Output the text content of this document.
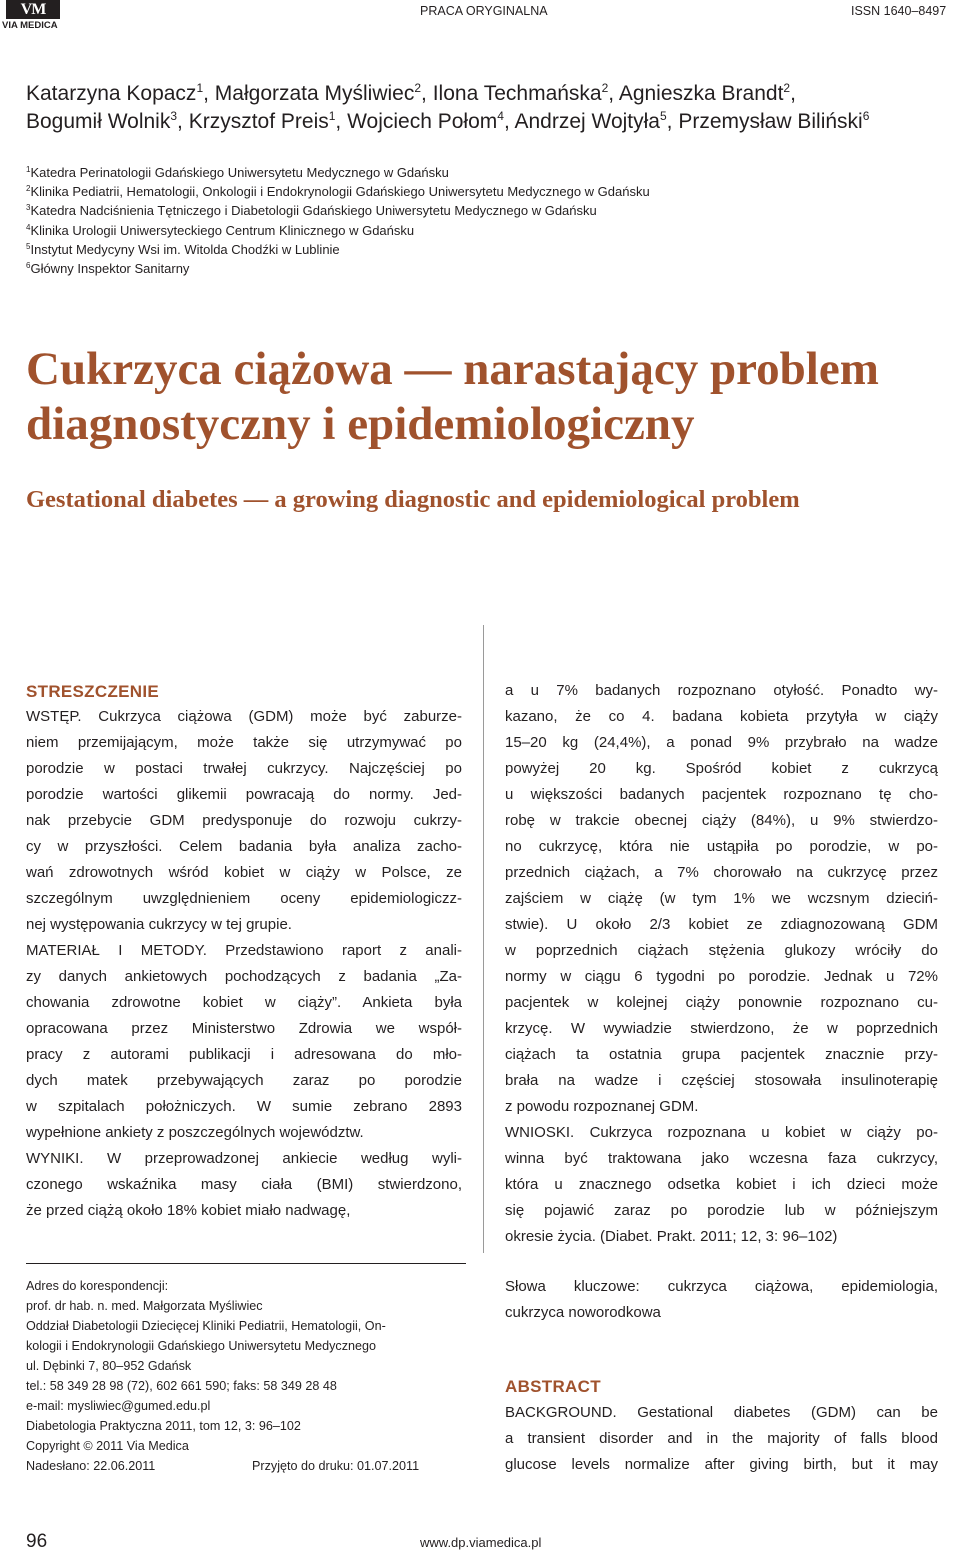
VM
VIA MEDICA
PRACA ORYGINALNA	ISSN 1640–8497
Katarzyna Kopacz$^1$, Małgorzata Myśliwiec$^2$, Ilona Techmańska$^2$, Agnieszka Brandt$^2$,
Bogumił Wolnik$^3$, Krzysztof Preis$^1$, Wojciech Połom$^4$, Andrzej Wojtyła$^5$, Przemysław Biliński$^6$
$^1$Katedra Perinatologii Gdańskiego Uniwersytetu Medycznego w Gdańsku
$^2$Klinika Pediatrii, Hematologii, Onkologii i Endokrynologii Gdańskiego Uniwersytetu Medycznego w Gdańsku
$^3$Katedra Nadciśnienia Tętniczego i Diabetologii Gdańskiego Uniwersytetu Medycznego w Gdańsku
$^4$Klinika Urologii Uniwersyteckiego Centrum Klinicznego w Gdańsku
$^5$Instytut Medycyny Wsi im. Witolda Chodźki w Lublinie
$^6$Główny Inspektor Sanitarny
Cukrzyca ciążowa — narastający problem
diagnostyczny i epidemiologiczny
Gestational diabetes — a growing diagnostic and epidemiological problem
STRESZCZENIE
WSTĘP. Cukrzyca ciążowa (GDM) może być zaburze-
niem przemijającym, może także się utrzymywać po
porodzie w postaci trwałej cukrzycy. Najczęściej po
porodzie wartości glikemii powracają do normy. Jed-
nak przebycie GDM predysponuje do rozwoju cukrzy-
cy w przyszłości. Celem badania była analiza zacho-
wań zdrowotnych wśród kobiet w ciąży w Polsce, ze
szczególnym uwzględnieniem oceny epidemiologiczz-
nej występowania cukrzycy w tej grupie.
MATERIAŁ I METODY. Przedstawiono raport z anali-
zy danych ankietowych pochodzących z badania „Za-
chowania zdrowotne kobiet w ciąży”. Ankieta była
opracowana przez Ministerstwo Zdrowia we współ-
pracy z autorami publikacji i adresowana do mło-
dych matek przebywających zaraz po porodzie
w szpitalach położniczych. W sumie zebrano 2893
wypełnione ankiety z poszczególnych województw.
WYNIKI. W przeprowadzonej ankiecie według wyli-
czonego wskaźnika masy ciała (BMI) stwierdzono,
że przed ciążą około 18% kobiet miało nadwagę,
a u 7% badanych rozpoznano otyłość. Ponadto wy-
kazano, że co 4. badana kobieta przytyła w ciąży
15–20 kg (24,4%), a ponad 9% przybrało na wadze
powyżej 20 kg. Spośród kobiet z cukrzycą
u większości badanych pacjentek rozpoznano tę cho-
robę w trakcie obecnej ciąży (84%), u 9% stwierdzo-
no cukrzycę, która nie ustąpiła po porodzie, w po-
przednich ciążach, a 7% chorowało na cukrzycę przez
zajściem w ciążę (w tym 1% we wczsnym dzieciń-
stwie). U około 2/3 kobiet ze zdiagnozowaną GDM
w poprzednich ciążach stężenia glukozy wróciły do
normy w ciągu 6 tygodni po porodzie. Jednak u 72%
pacjentek w kolejnej ciąży ponownie rozpoznano cu-
krzycę. W wywiadzie stwierdzono, że w poprzednich
ciążach ta ostatnia grupa pacjentek znacznie przy-
brała na wadze i częściej stosowała insulinoterapię
z powodu rozpoznanej GDM.
WNIOSKI. Cukrzyca rozpoznana u kobiet w ciąży po-
winna być traktowana jako wczesna faza cukrzycy,
która u znacznego odsetka kobiet i ich dzieci może
się pojawić zaraz po porodzie lub w późniejszym
okresie życia. (Diabet. Prakt. 2011; 12, 3: 96–102)
Słowa kluczowe: cukrzyca ciążowa, epidemiologia,
cukrzyca noworodkowa
ABSTRACT
BACKGROUND. Gestational diabetes (GDM) can be
a transient disorder and in the majority of falls blood
glucose levels normalize after giving birth, but it may
Adres do korespondencji:
prof. dr hab. n. med. Małgorzata Myśliwiec
Oddział Diabetologii Dziecięcej Kliniki Pediatrii, Hematologii, On-
kologii i Endokrynologii Gdańskiego Uniwersytetu Medycznego
ul. Dębinki 7, 80–952 Gdańsk
tel.: 58 349 28 98 (72), 602 661 590; faks: 58 349 28 48
e-mail: mysliwiec@gumed.edu.pl
Diabetologia Praktyczna 2011, tom 12, 3: 96–102
Copyright © 2011 Via Medica
Nadesłano: 22.06.2011	Przyjęto do druku: 01.07.2011
96	www.dp.viamedica.pl
